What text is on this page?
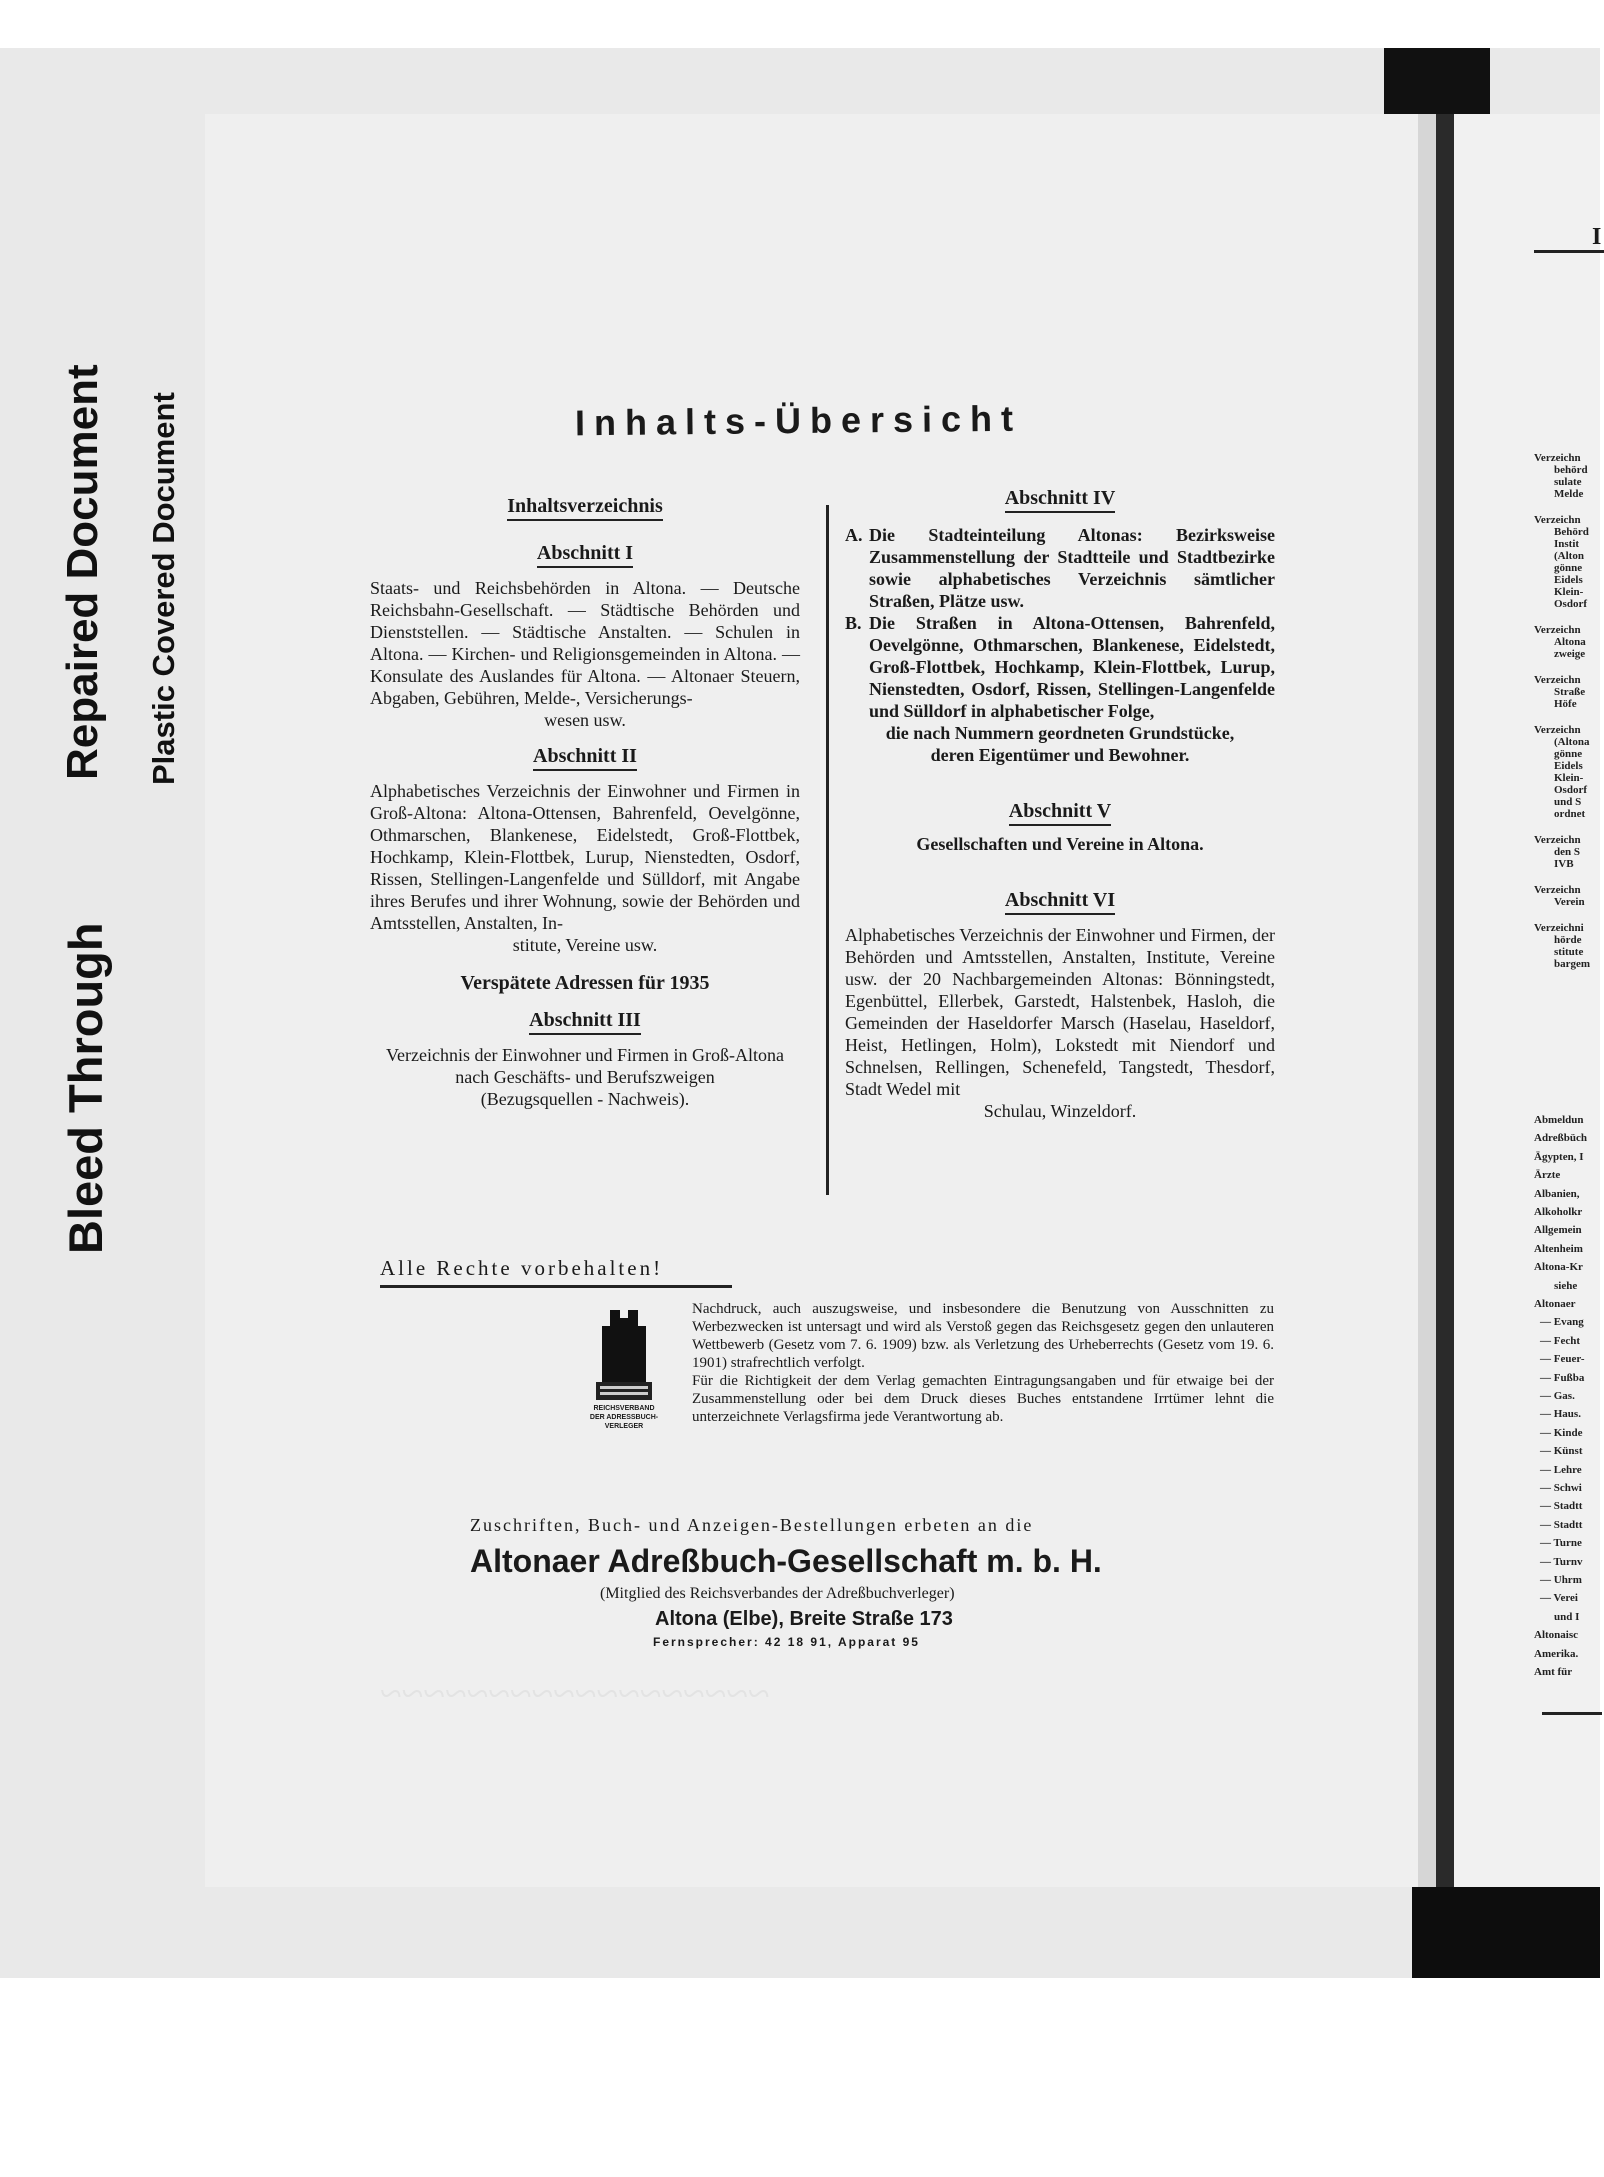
Bleed Through
Repaired Document Plastic Covered Document
~~~~~~~~~~~~~~~~~~
Inhalts-Übersicht

Inhaltsverzeichnis

Abschnitt I

Staats- und Reichsbehörden in Altona. — Deutsche Reichsbahn-Gesellschaft. — Städtische Behörden und Dienststellen. — Städtische Anstalten. — Schulen in Altona. — Kirchen- und Religionsgemeinden in Altona. — Konsulate des Auslandes für Altona. — Altonaer Steuern, Abgaben, Gebühren, Melde-, Versicherungs-

wesen usw.

Abschnitt II

Alphabetisches Verzeichnis der Einwohner und Firmen in Groß-Altona: Altona-Ottensen, Bahrenfeld, Oevelgönne, Othmarschen, Blankenese, Eidelstedt, Groß-Flottbek, Hochkamp, Klein-Flottbek, Lurup, Nienstedten, Osdorf, Rissen, Stellingen-Langenfelde und Sülldorf, mit Angabe ihres Berufes und ihrer Wohnung, sowie der Behörden und Amtsstellen, Anstalten, In-

stitute, Vereine usw.

Verspätete Adressen für 1935

Abschnitt III

Verzeichnis der Einwohner und Firmen in Groß-Altona nach Geschäfts- und Berufszweigen

(Bezugsquellen - Nachweis).

Abschnitt IV

A. Die Stadteinteilung Altonas: Bezirksweise Zusammenstellung der Stadtteile und Stadtbezirke sowie alphabetisches Verzeichnis sämtlicher Straßen, Plätze usw.
B. Die Straßen in Altona-Ottensen, Bahrenfeld, Oevelgönne, Othmarschen, Blankenese, Eidelstedt, Groß-Flottbek, Hochkamp, Klein-Flottbek, Lurup, Nienstedten, Osdorf, Rissen, Stellingen-Langenfelde und Sülldorf in alphabetischer Folge,

die nach Nummern geordneten Grundstücke,

deren Eigentümer und Bewohner.

Abschnitt V

Gesellschaften und Vereine in Altona.

Abschnitt VI

Alphabetisches Verzeichnis der Einwohner und Firmen, der Behörden und Amtsstellen, Anstalten, Institute, Vereine usw. der 20 Nachbargemeinden Altonas: Bönningstedt, Egenbüttel, Ellerbek, Garstedt, Halstenbek, Hasloh, die Gemeinden der Haseldorfer Marsch (Haselau, Haseldorf, Heist, Hetlingen, Holm), Lokstedt mit Niendorf und Schnelsen, Rellingen, Schenefeld, Tangstedt, Thesdorf, Stadt Wedel mit

Schulau, Winzeldorf.

Alle Rechte vorbehalten!
REICHSVERBAND DER ADRESSBUCH-VERLEGER
Nachdruck, auch auszugsweise, und insbesondere die Benutzung von Ausschnitten zu Werbezwecken ist untersagt und wird als Verstoß gegen das Reichsgesetz gegen den unlauteren Wettbewerb (Gesetz vom 7. 6. 1909) bzw. als Verletzung des Urheberrechts (Gesetz vom 19. 6. 1901) strafrechtlich verfolgt.
Für die Richtigkeit der dem Verlag gemachten Eintragungsangaben und für etwaige bei der Zusammenstellung oder bei dem Druck dieses Buches entstandene Irrtümer lehnt die unterzeichnete Verlagsfirma jede Verantwortung ab.
Zuschriften, Buch- und Anzeigen-Bestellungen erbeten an die
Altonaer Adreßbuch-Gesellschaft m. b. H.
(Mitglied des Reichsverbandes der Adreßbuchverleger)
Altona (Elbe), Breite Straße 173
Fernsprecher: 42 18 91, Apparat 95
I
Verzeichn
behörd
sulate
Melde
Verzeichn
Behörd
Instit
(Alton
gönne
Eidels
Klein-
Osdorf
Verzeichn
Altona
zweige
Verzeichn
Straße
Höfe
Verzeichn
(Altona
gönne
Eidels
Klein-
Osdorf
und S
ordnet
Verzeichn
den S
IVB
Verzeichn
Verein
Verzeichni
hörde
stitute
bargem
Abmeldun
Adreßbüch
Ägypten, I
Ärzte
Albanien,
Alkoholkr
Allgemein
Altenheim
Altona-Kr
siehe
Altonaer
— Evang
— Fecht
— Feuer-
— Fußba
— Gas.
— Haus.
— Kinde
— Künst
— Lehre
— Schwi
— Stadtt
— Stadtt
— Turne
— Turnv
— Uhrm
— Verei
und I
Altonaisc
Amerika.
Amt für
